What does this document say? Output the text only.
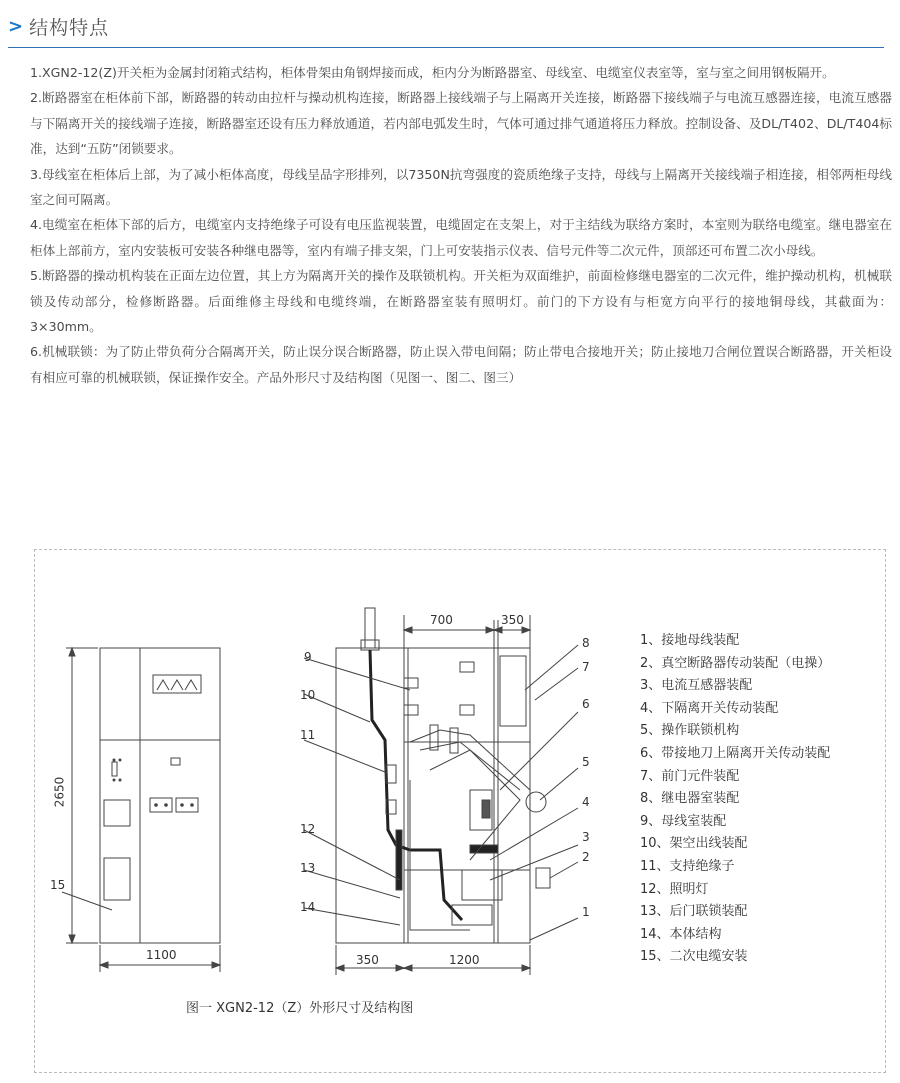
> 结构特点

1.XGN2-12(Z)开关柜为金属封闭箱式结构，柜体骨架由角钢焊接而成，柜内分为断路器室、母线室、电缆室仪表室等，室与室之间用钢板隔开。

2.断路器室在柜体前下部，断路器的转动由拉杆与操动机构连接，断路器上接线端子与上隔离开关连接，断路器下接线端子与电流互感器连接，电流互感器与下隔离开关的接线端子连接，断路器室还设有压力释放通道，若内部电弧发生时，气体可通过排气通道将压力释放。控制设备、及DL/T402、DL/T404标准，达到“五防”闭锁要求。

3.母线室在柜体后上部，为了减小柜体高度，母线呈品字形排列，以7350N抗弯强度的瓷质绝缘子支持，母线与上隔离开关接线端子相连接，相邻两柜母线室之间可隔离。

4.电缆室在柜体下部的后方，电缆室内支持绝缘子可设有电压监视装置，电缆固定在支架上，对于主结线为联络方案时，本室则为联络电缆室。继电器室在柜体上部前方，室内安装板可安装各种继电器等，室内有端子排支架，门上可安装指示仪表、信号元件等二次元件，顶部还可布置二次小母线。

5.断路器的操动机构装在正面左边位置，其上方为隔离开关的操作及联锁机构。开关柜为双面维护，前面检修继电器室的二次元件，维护操动机构，机械联锁及传动部分，检修断路器。后面维修主母线和电缆终端，在断路器室装有照明灯。前门的下方设有与柜宽方向平行的接地铜母线，其截面为：3×30mm。

6.机械联锁：为了防止带负荷分合隔离开关，防止误分误合断路器，防止误入带电间隔；防止带电合接地开关；防止接地刀合闸位置误合断路器，开关柜设有相应可靠的机械联锁，保证操作安全。产品外形尺寸及结构图（见图一、图二、图三）

2650
1100
15
700	350
350	1200
9
10
11
12
13
14
8
7
6
5
4
3
2
1
1、接地母线装配
2、真空断路器传动装配（电操）
3、电流互感器装配
4、下隔离开关传动装配
5、操作联锁机构
6、带接地刀上隔离开关传动装配
7、前门元件装配
8、继电器室装配
9、母线室装配
10、架空出线装配
11、支持绝缘子
12、照明灯
13、后门联锁装配
14、本体结构
15、二次电缆安装
图一 XGN2-12（Z）外形尺寸及结构图
